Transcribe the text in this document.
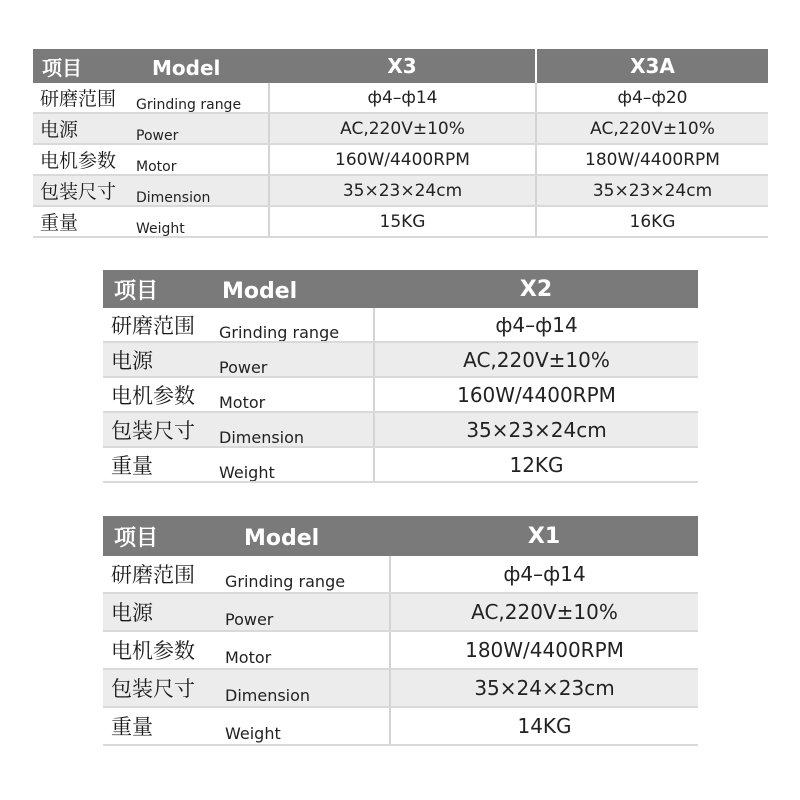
项目 Model	X3	X3A
研磨范围 Grinding range	ф4–ф14	ф4–ф20
电源 Power	AC,220V±10%	AC,220V±10%
电机参数 Motor	160W/4400RPM	180W/4400RPM
包装尺寸 Dimension	35×23×24cm	35×23×24cm
重量 Weight	15KG	16KG
项目 Model	X2
研磨范围 Grinding range	ф4–ф14
电源 Power	AC,220V±10%
电机参数 Motor	160W/4400RPM
包装尺寸 Dimension	35×23×24cm
重量 Weight	12KG
项目 Model	X1
研磨范围 Grinding range	ф4–ф14
电源 Power	AC,220V±10%
电机参数 Motor	180W/4400RPM
包装尺寸 Dimension	35×24×23cm
重量 Weight	14KG
